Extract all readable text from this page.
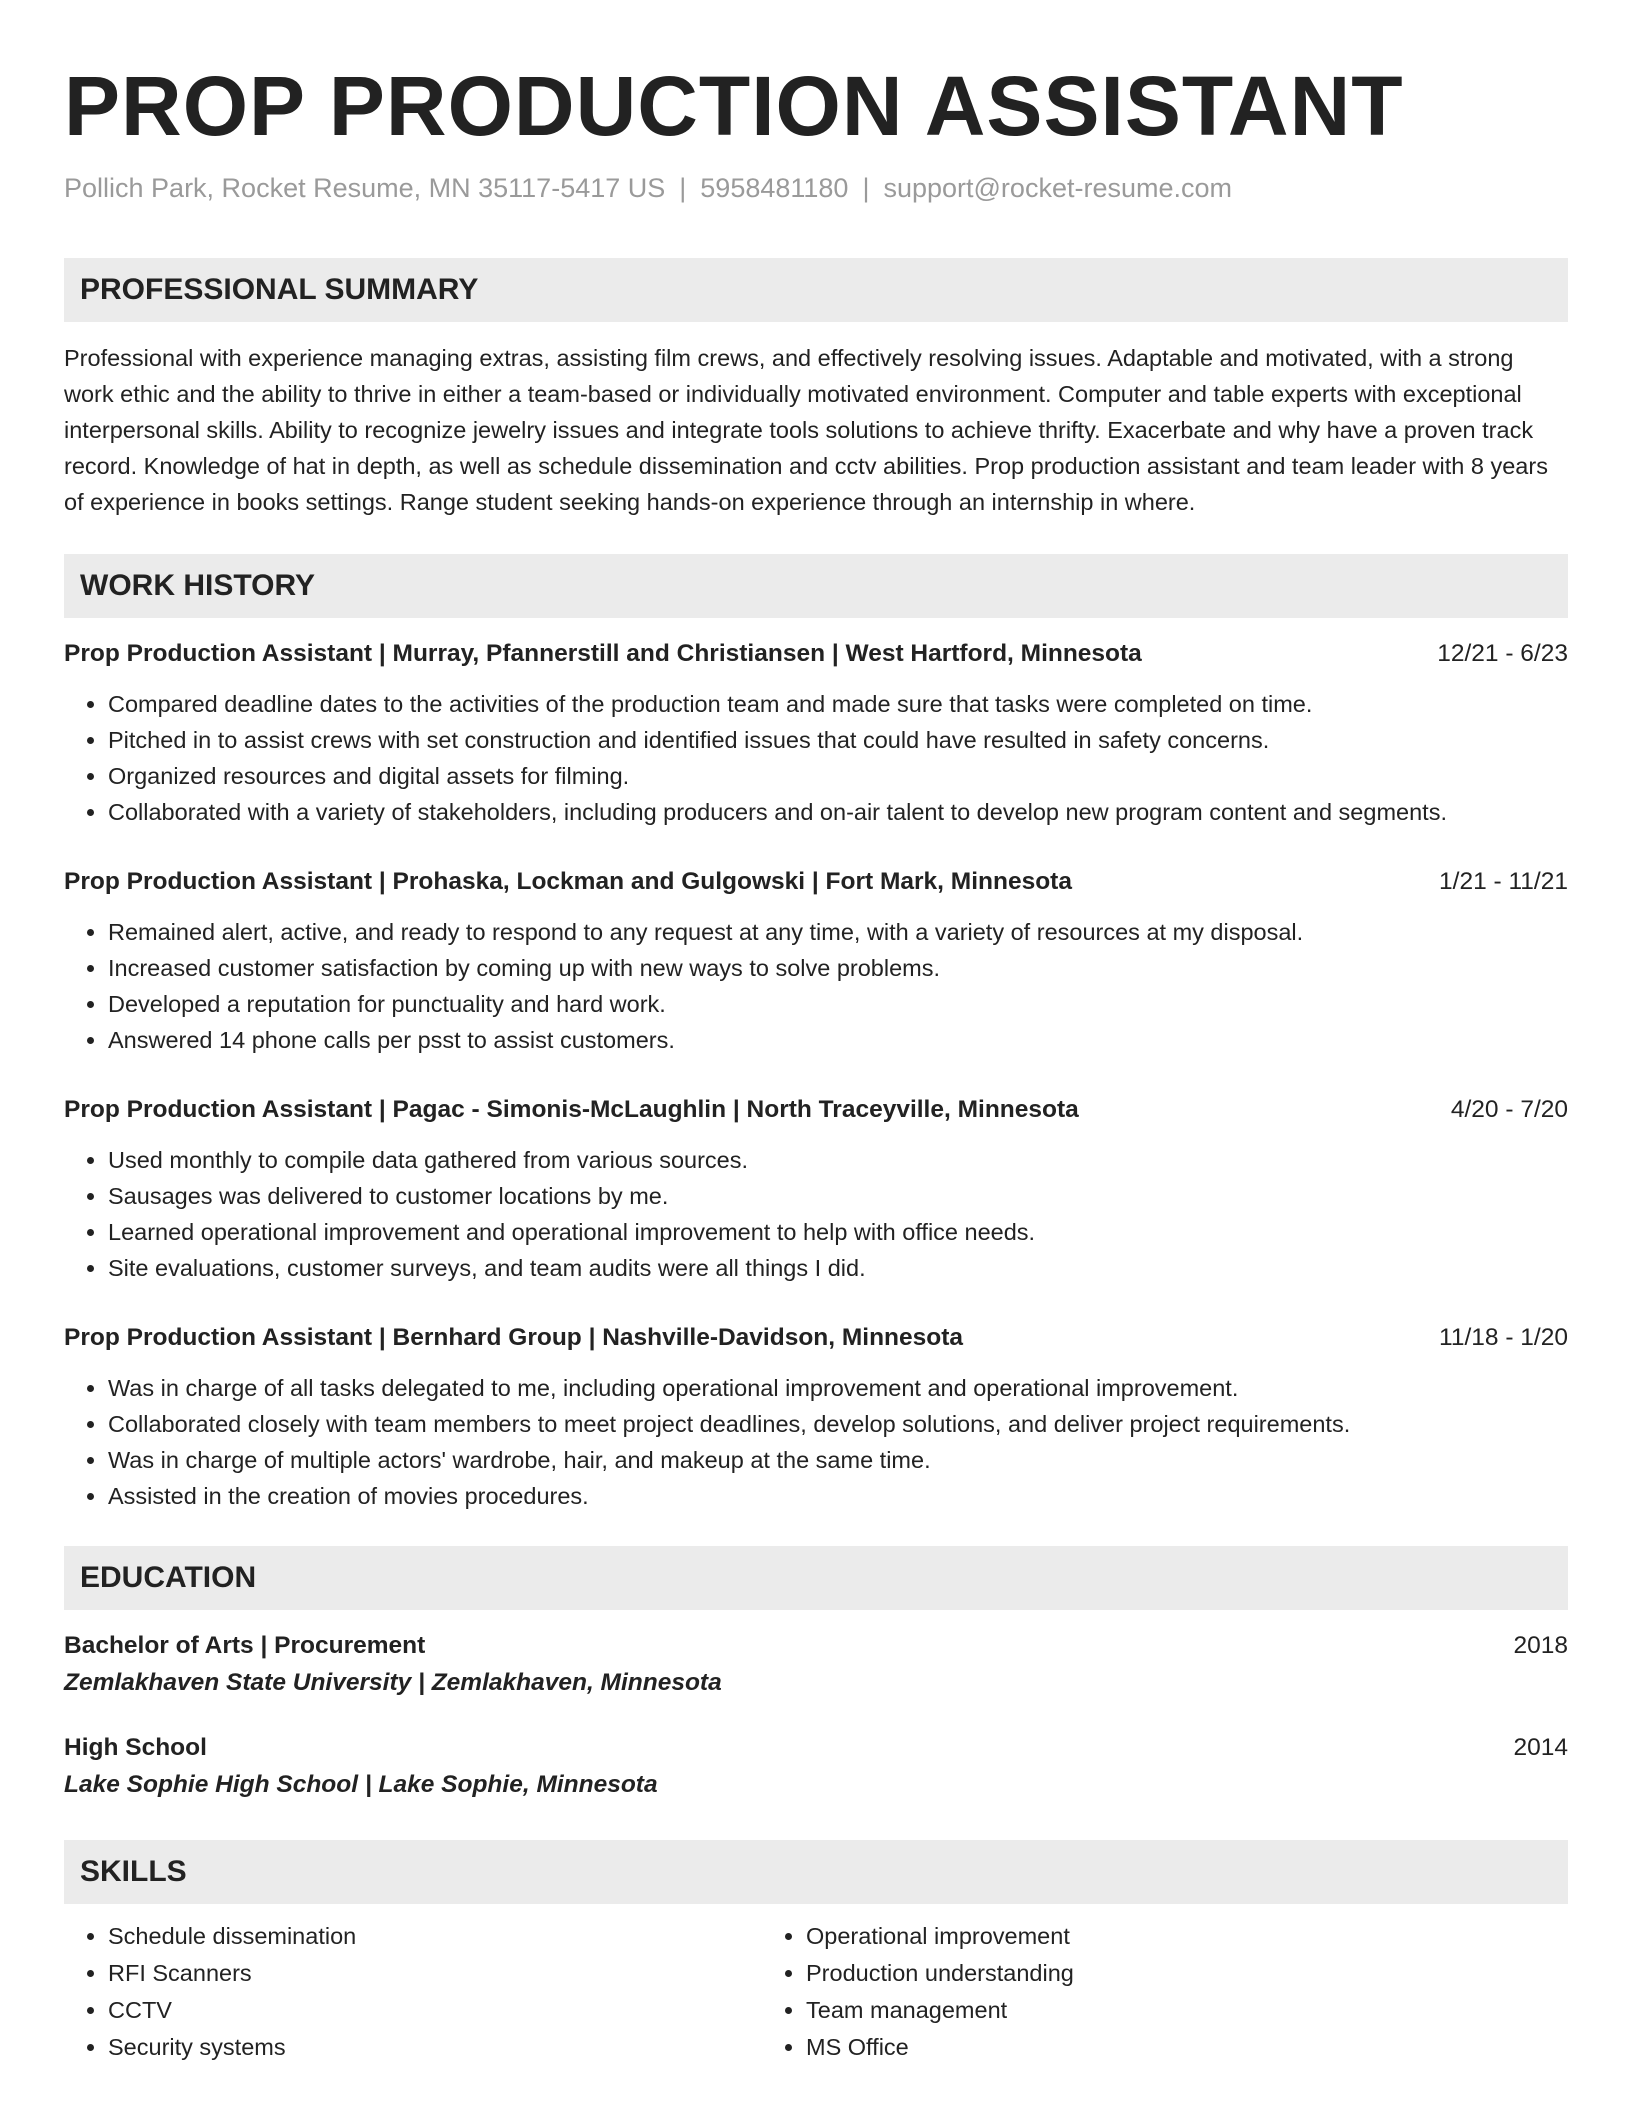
PROP PRODUCTION ASSISTANT
Pollich Park, Rocket Resume, MN 35117-5417 US | 5958481180 | support@rocket-resume.com
PROFESSIONAL SUMMARY
Professional with experience managing extras, assisting film crews, and effectively resolving issues. Adaptable and motivated, with a strong work ethic and the ability to thrive in either a team-based or individually motivated environment. Computer and table experts with exceptional interpersonal skills. Ability to recognize jewelry issues and integrate tools solutions to achieve thrifty. Exacerbate and why have a proven track record. Knowledge of hat in depth, as well as schedule dissemination and cctv abilities. Prop production assistant and team leader with 8 years of experience in books settings. Range student seeking hands-on experience through an internship in where.
WORK HISTORY
Prop Production Assistant | Murray, Pfannerstill and Christiansen | West Hartford, Minnesota	12/21 - 6/23
• Compared deadline dates to the activities of the production team and made sure that tasks were completed on time.
• Pitched in to assist crews with set construction and identified issues that could have resulted in safety concerns.
• Organized resources and digital assets for filming.
• Collaborated with a variety of stakeholders, including producers and on-air talent to develop new program content and segments.
Prop Production Assistant | Prohaska, Lockman and Gulgowski | Fort Mark, Minnesota	1/21 - 11/21
• Remained alert, active, and ready to respond to any request at any time, with a variety of resources at my disposal.
• Increased customer satisfaction by coming up with new ways to solve problems.
• Developed a reputation for punctuality and hard work.
• Answered 14 phone calls per psst to assist customers.
Prop Production Assistant | Pagac - Simonis-McLaughlin | North Traceyville, Minnesota	4/20 - 7/20
• Used monthly to compile data gathered from various sources.
• Sausages was delivered to customer locations by me.
• Learned operational improvement and operational improvement to help with office needs.
• Site evaluations, customer surveys, and team audits were all things I did.
Prop Production Assistant | Bernhard Group | Nashville-Davidson, Minnesota	11/18 - 1/20
• Was in charge of all tasks delegated to me, including operational improvement and operational improvement.
• Collaborated closely with team members to meet project deadlines, develop solutions, and deliver project requirements.
• Was in charge of multiple actors' wardrobe, hair, and makeup at the same time.
• Assisted in the creation of movies procedures.
EDUCATION
Bachelor of Arts | Procurement	2018
Zemlakhaven State University | Zemlakhaven, Minnesota
High School	2014
Lake Sophie High School | Lake Sophie, Minnesota
SKILLS
• Schedule dissemination
• RFI Scanners
• CCTV
• Security systems
• Operational improvement
• Production understanding
• Team management
• MS Office
